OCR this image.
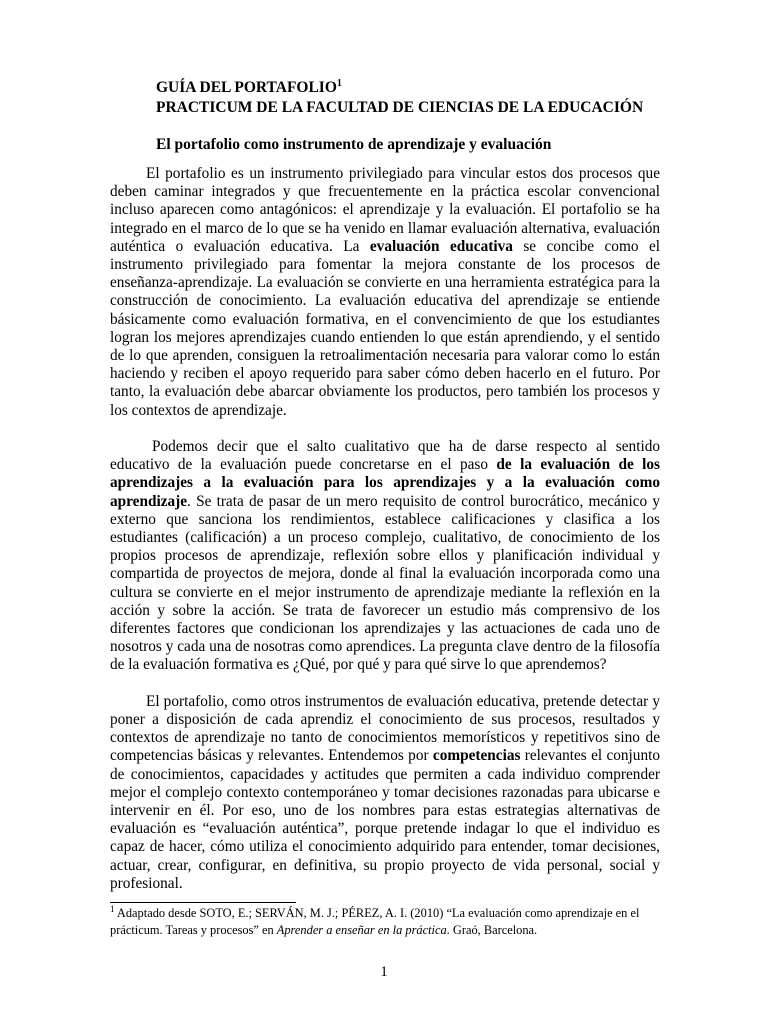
GUÍA DEL PORTAFOLIO$^1$
PRACTICUM DE LA FACULTAD DE CIENCIAS DE LA EDUCACIÓN
El portafolio como instrumento de aprendizaje y evaluación

El portafolio es un instrumento privilegiado para vincular estos dos procesos que deben caminar integrados y que frecuentemente en la práctica escolar convencional incluso aparecen como antagónicos: el aprendizaje y la evaluación. El portafolio se ha integrado en el marco de lo que se ha venido en llamar evaluación alternativa, evaluación auténtica o evaluación educativa. La evaluación educativa se concibe como el instrumento privilegiado para fomentar la mejora constante de los procesos de enseñanza-aprendizaje. La evaluación se convierte en una herramienta estratégica para la construcción de conocimiento. La evaluación educativa del aprendizaje se entiende básicamente como evaluación formativa, en el convencimiento de que los estudiantes logran los mejores aprendizajes cuando entienden lo que están aprendiendo, y el sentido de lo que aprenden, consiguen la retroalimentación necesaria para valorar como lo están haciendo y reciben el apoyo requerido para saber cómo deben hacerlo en el futuro. Por tanto, la evaluación debe abarcar obviamente los productos, pero también los procesos y los contextos de aprendizaje.

Podemos decir que el salto cualitativo que ha de darse respecto al sentido educativo de la evaluación puede concretarse en el paso de la evaluación de los aprendizajes a la evaluación para los aprendizajes y a la evaluación como aprendizaje. Se trata de pasar de un mero requisito de control burocrático, mecánico y externo que sanciona los rendimientos, establece calificaciones y clasifica a los estudiantes (calificación) a un proceso complejo, cualitativo, de conocimiento de los propios procesos de aprendizaje, reflexión sobre ellos y planificación individual y compartida de proyectos de mejora, donde al final la evaluación incorporada como una cultura se convierte en el mejor instrumento de aprendizaje mediante la reflexión en la acción y sobre la acción. Se trata de favorecer un estudio más comprensivo de los diferentes factores que condicionan los aprendizajes y las actuaciones de cada uno de nosotros y cada una de nosotras como aprendices. La pregunta clave dentro de la filosofía de la evaluación formativa es ¿Qué, por qué y para qué sirve lo que aprendemos?

El portafolio, como otros instrumentos de evaluación educativa, pretende detectar y poner a disposición de cada aprendiz el conocimiento de sus procesos, resultados y contextos de aprendizaje no tanto de conocimientos memorísticos y repetitivos sino de competencias básicas y relevantes. Entendemos por competencias relevantes el conjunto de conocimientos, capacidades y actitudes que permiten a cada individuo comprender mejor el complejo contexto contemporáneo y tomar decisiones razonadas para ubicarse e intervenir en él. Por eso, uno de los nombres para estas estrategias alternativas de evaluación es “evaluación auténtica”, porque pretende indagar lo que el individuo es capaz de hacer, cómo utiliza el conocimiento adquirido para entender, tomar decisiones, actuar, crear, configurar, en definitiva, su propio proyecto de vida personal, social y profesional.

$^1$ Adaptado desde SOTO, E.; SERVÁN, M. J.; PÉREZ, A. I. (2010) “La evaluación como aprendizaje en el prácticum. Tareas y procesos” en Aprender a enseñar en la práctica. Graó, Barcelona.
1
